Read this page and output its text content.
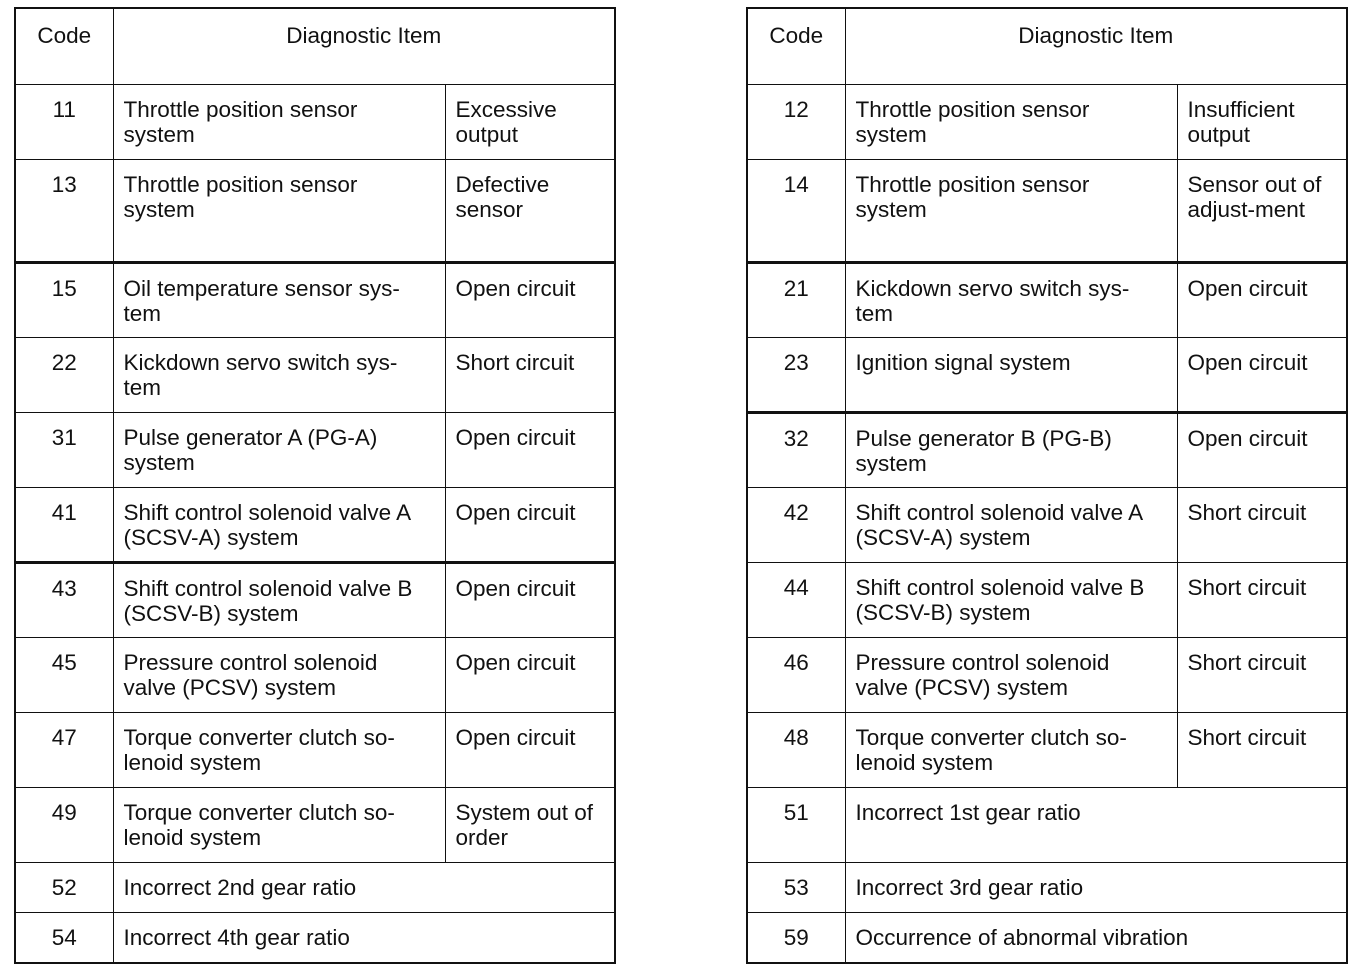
Code	Diagnostic Item	
11	Throttle position sensor system	Excessive output
13	Throttle position sensor system	Defective sensor
15	Oil temperature sensor sys-tem	Open circuit
22	Kickdown servo switch sys-tem	Short circuit
31	Pulse generator A (PG-A) system	Open circuit
41	Shift control solenoid valve A (SCSV-A) system	Open circuit
43	Shift control solenoid valve B (SCSV-B) system	Open circuit
45	Pressure control solenoid valve (PCSV) system	Open circuit
47	Torque converter clutch so-lenoid system	Open circuit
49	Torque converter clutch so-lenoid system	System out of order
52	Incorrect 2nd gear ratio	
54	Incorrect 4th gear ratio	
Code	Diagnostic Item	
12	Throttle position sensor system	Insufficient output
14	Throttle position sensor system	Sensor out of adjust-ment
21	Kickdown servo switch sys-tem	Open circuit
23	Ignition signal system	Open circuit
32	Pulse generator B (PG-B) system	Open circuit
42	Shift control solenoid valve A (SCSV-A) system	Short circuit
44	Shift control solenoid valve B (SCSV-B) system	Short circuit
46	Pressure control solenoid valve (PCSV) system	Short circuit
48	Torque converter clutch so-lenoid system	Short circuit
51	Incorrect 1st gear ratio	
53	Incorrect 3rd gear ratio	
59	Occurrence of abnormal vibration	
